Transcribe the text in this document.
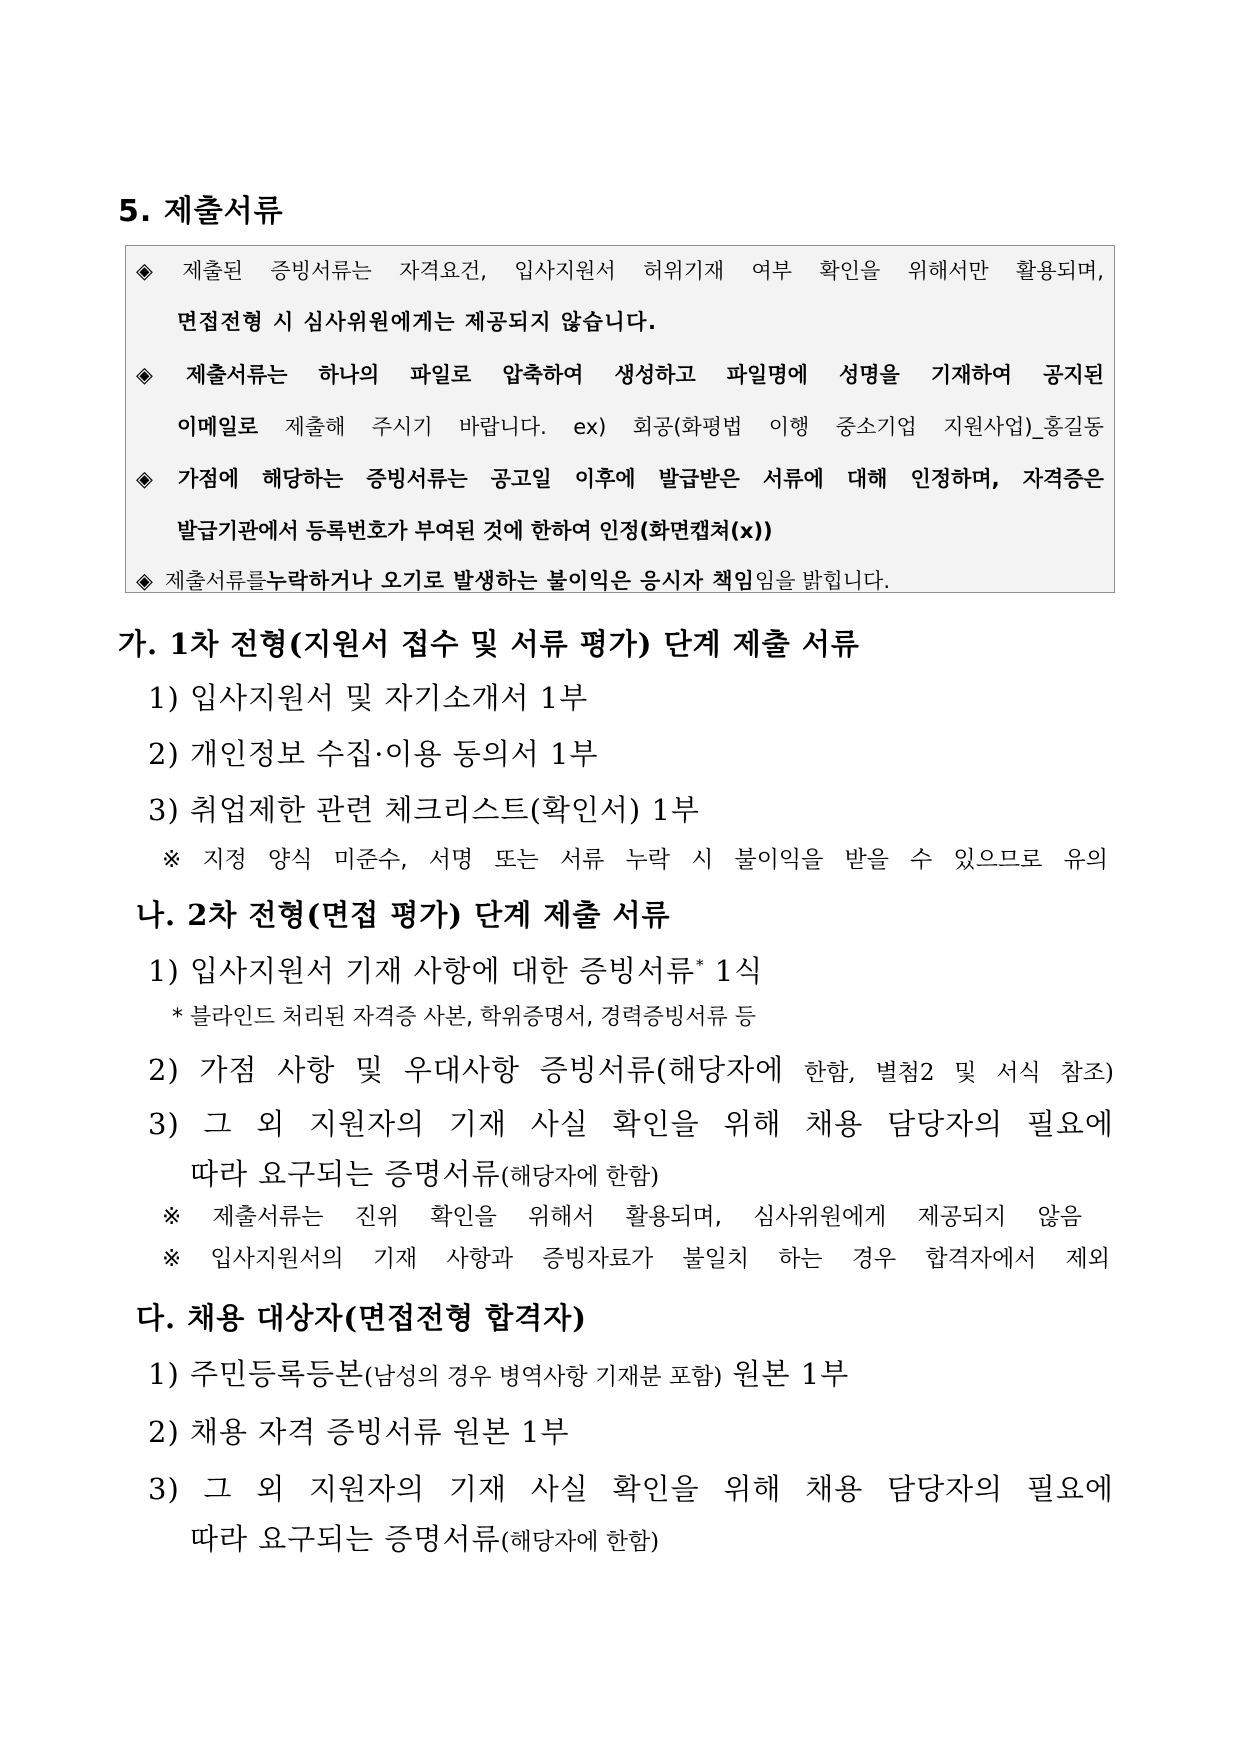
5. 제출서류
◈ 제출된 증빙서류는 자격요건, 입사지원서 허위기재 여부 확인을 위해서만 활용되며,
면접전형 시 심사위원에게는 제공되지 않습니다.
◈ 제출서류는 하나의 파일로 압축하여 생성하고 파일명에 성명을 기재하여 공지된
이메일로 제출해 주시기 바랍니다. ex) 회공(화평법 이행 중소기업 지원사업)_홍길동
◈ 가점에 해당하는 증빙서류는 공고일 이후에 발급받은 서류에 대해 인정하며, 자격증은
발급기관에서 등록번호가 부여된 것에 한하여 인정(화면캡쳐(x))
◈ 제출서류를 누락하거나 오기로 발생하는 불이익은 응시자 책임 임을 밝힙니다.
가. 1차 전형(지원서 접수 및 서류 평가) 단계 제출 서류
1) 입사지원서 및 자기소개서 1부
2) 개인정보 수집·이용 동의서 1부
3) 취업제한 관련 체크리스트(확인서) 1부
※ 지정 양식 미준수, 서명 또는 서류 누락 시 불이익을 받을 수 있으므로 유의
나. 2차 전형(면접 평가) 단계 제출 서류
1) 입사지원서 기재 사항에 대한 증빙서류* 1식
* 블라인드 처리된 자격증 사본, 학위증명서, 경력증빙서류 등
2) 가점 사항 및 우대사항 증빙서류(해당자에 한함, 별첨2 및 서식 참조)
3) 그 외 지원자의 기재 사실 확인을 위해 채용 담당자의 필요에
따라 요구되는 증명서류(해당자에 한함)
※ 제출서류는 진위 확인을 위해서 활용되며, 심사위원에게 제공되지 않음
※ 입사지원서의 기재 사항과 증빙자료가 불일치 하는 경우 합격자에서 제외
다. 채용 대상자(면접전형 합격자)
1) 주민등록등본(남성의 경우 병역사항 기재분 포함) 원본 1부
2) 채용 자격 증빙서류 원본 1부
3) 그 외 지원자의 기재 사실 확인을 위해 채용 담당자의 필요에
따라 요구되는 증명서류(해당자에 한함)
